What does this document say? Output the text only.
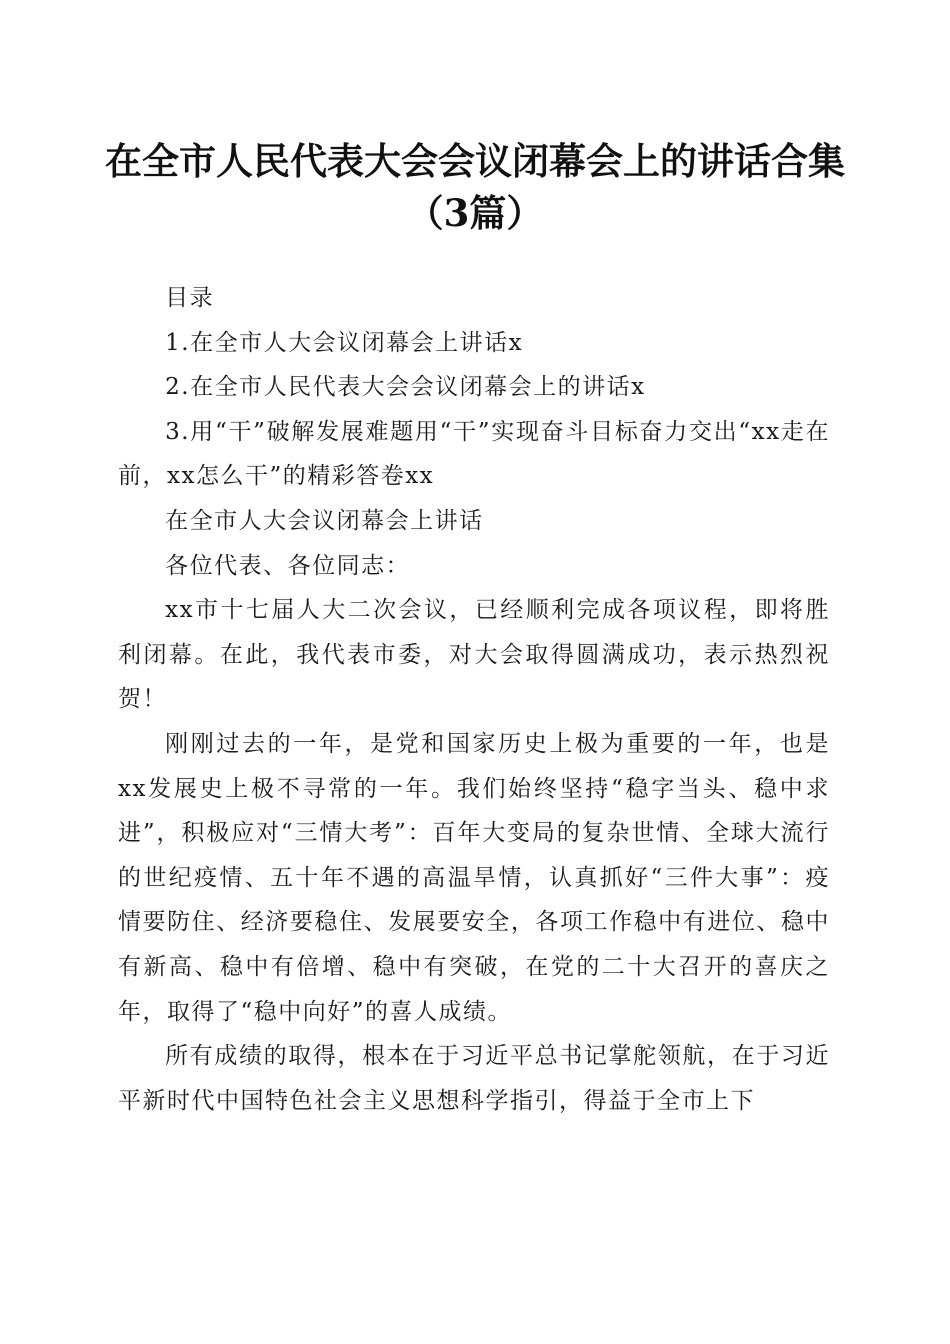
在全市人民代表大会会议闭幕会上的讲话合集
（3篇）

目录

1.在全市人大会议闭幕会上讲话x

2.在全市人民代表大会会议闭幕会上的讲话x

3.用“干”破解发展难题用“干”实现奋斗目标奋力交出“xx走在前，xx怎么干”的精彩答卷xx

在全市人大会议闭幕会上讲话

各位代表、各位同志：

xx市十七届人大二次会议，已经顺利完成各项议程，即将胜利闭幕。在此，我代表市委，对大会取得圆满成功，表示热烈祝贺！

刚刚过去的一年，是党和国家历史上极为重要的一年，也是xx发展史上极不寻常的一年。我们始终坚持“稳字当头、稳中求进”，积极应对“三情大考”：百年大变局的复杂世情、全球大流行的世纪疫情、五十年不遇的高温旱情，认真抓好“三件大事”：疫情要防住、经济要稳住、发展要安全，各项工作稳中有进位、稳中有新高、稳中有倍增、稳中有突破，在党的二十大召开的喜庆之年，取得了“稳中向好”的喜人成绩。

所有成绩的取得，根本在于习近平总书记掌舵领航，在于习近平新时代中国特色社会主义思想科学指引，得益于全市上下
